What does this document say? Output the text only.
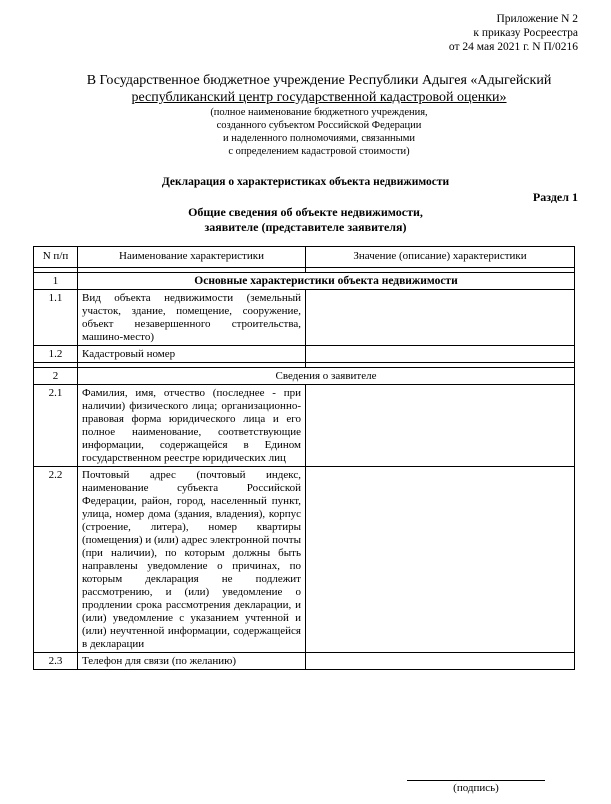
Приложение N 2
к приказу Росреестра
от 24 мая 2021 г. N П/0216
В Государственное бюджетное учреждение Республики Адыгея «Адыгейский
республиканский центр государственной кадастровой оценки»
(полное наименование бюджетного учреждения,
созданного субъектом Российской Федерации
и наделенного полномочиями, связанными
с определением кадастровой стоимости)
Декларация о характеристиках объекта недвижимости
Раздел 1
Общие сведения об объекте недвижимости,
заявителе (представителе заявителя)
N п/п	Наименование характеристики	Значение (описание) характеристики

1	Основные характеристики объекта недвижимости	
1.1	Вид объекта недвижимости (земельный участок, здание, помещение, сооружение, объект незавершенного строительства, машино-место)	
1.2	Кадастровый номер	

2	Сведения о заявителе	
2.1	Фамилия, имя, отчество (последнее - при наличии) физического лица; организационно-правовая форма юридического лица и его полное наименование, соответствующие информации, содержащейся в Едином государственном реестре юридических лиц	
2.2	Почтовый адрес (почтовый индекс, наименование субъекта Российской Федерации, район, город, населенный пункт, улица, номер дома (здания, владения), корпус (строение, литера), номер квартиры (помещения) и (или) адрес электронной почты (при наличии), по которым должны быть направлены уведомление о причинах, по которым декларация не подлежит рассмотрению, и (или) уведомление о продлении срока рассмотрения декларации, и (или) уведомление с указанием учтенной и (или) неучтенной информации, содержащейся в декларации	
2.3	Телефон для связи (по желанию)	
(подпись)
